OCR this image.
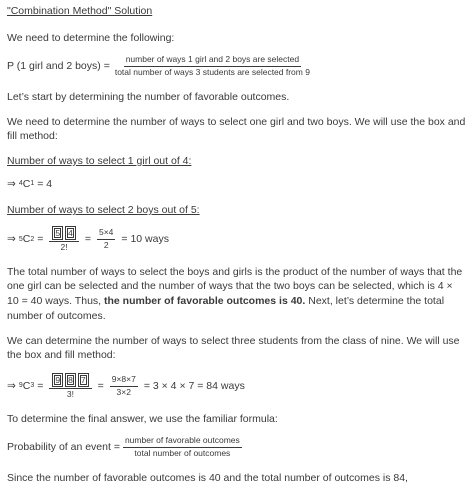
"Combination Method" Solution

We need to determine the following:

P (1 girl and 2 boys) = $\frac{\text{number of ways 1 girl and 2 boys are selected}}{\text{total number of ways 3 students are selected from 9}}$

Let’s start by determining the number of favorable outcomes.

We need to determine the number of ways to select one girl and two boys. We will use the box and fill method:

Number of ways to select 1 girl out of 4:

⇒ 4 C 1 = 4

Number of ways to select 2 boys out of 5:

⇒ 5 C $2 = \frac{5 4}{2!} = \frac{5\times 4}{2} = 10$ ways

The total number of ways to select the boys and girls is the product of the number of ways that the one girl can be selected and the number of ways that the two boys can be selected, which is 4 × 10 = 40 ways. Thus, the number of favorable outcomes is 40. Next, let’s determine the total number of outcomes.

We can determine the number of ways to select three students from the class of nine. We will use the box and fill method:

⇒ 9 C $3 = \frac{9 8 7}{3!} = \frac{9\times 8\times 7}{3\times 2} = 3 \times 4 \times 7 = 84$ ways

To determine the final answer, we use the familiar formula:

Probability of an event = $\frac{\text{number of favorable outcomes}}{\text{total number of outcomes}}$

Since the number of favorable outcomes is 40 and the total number of outcomes is 84,
